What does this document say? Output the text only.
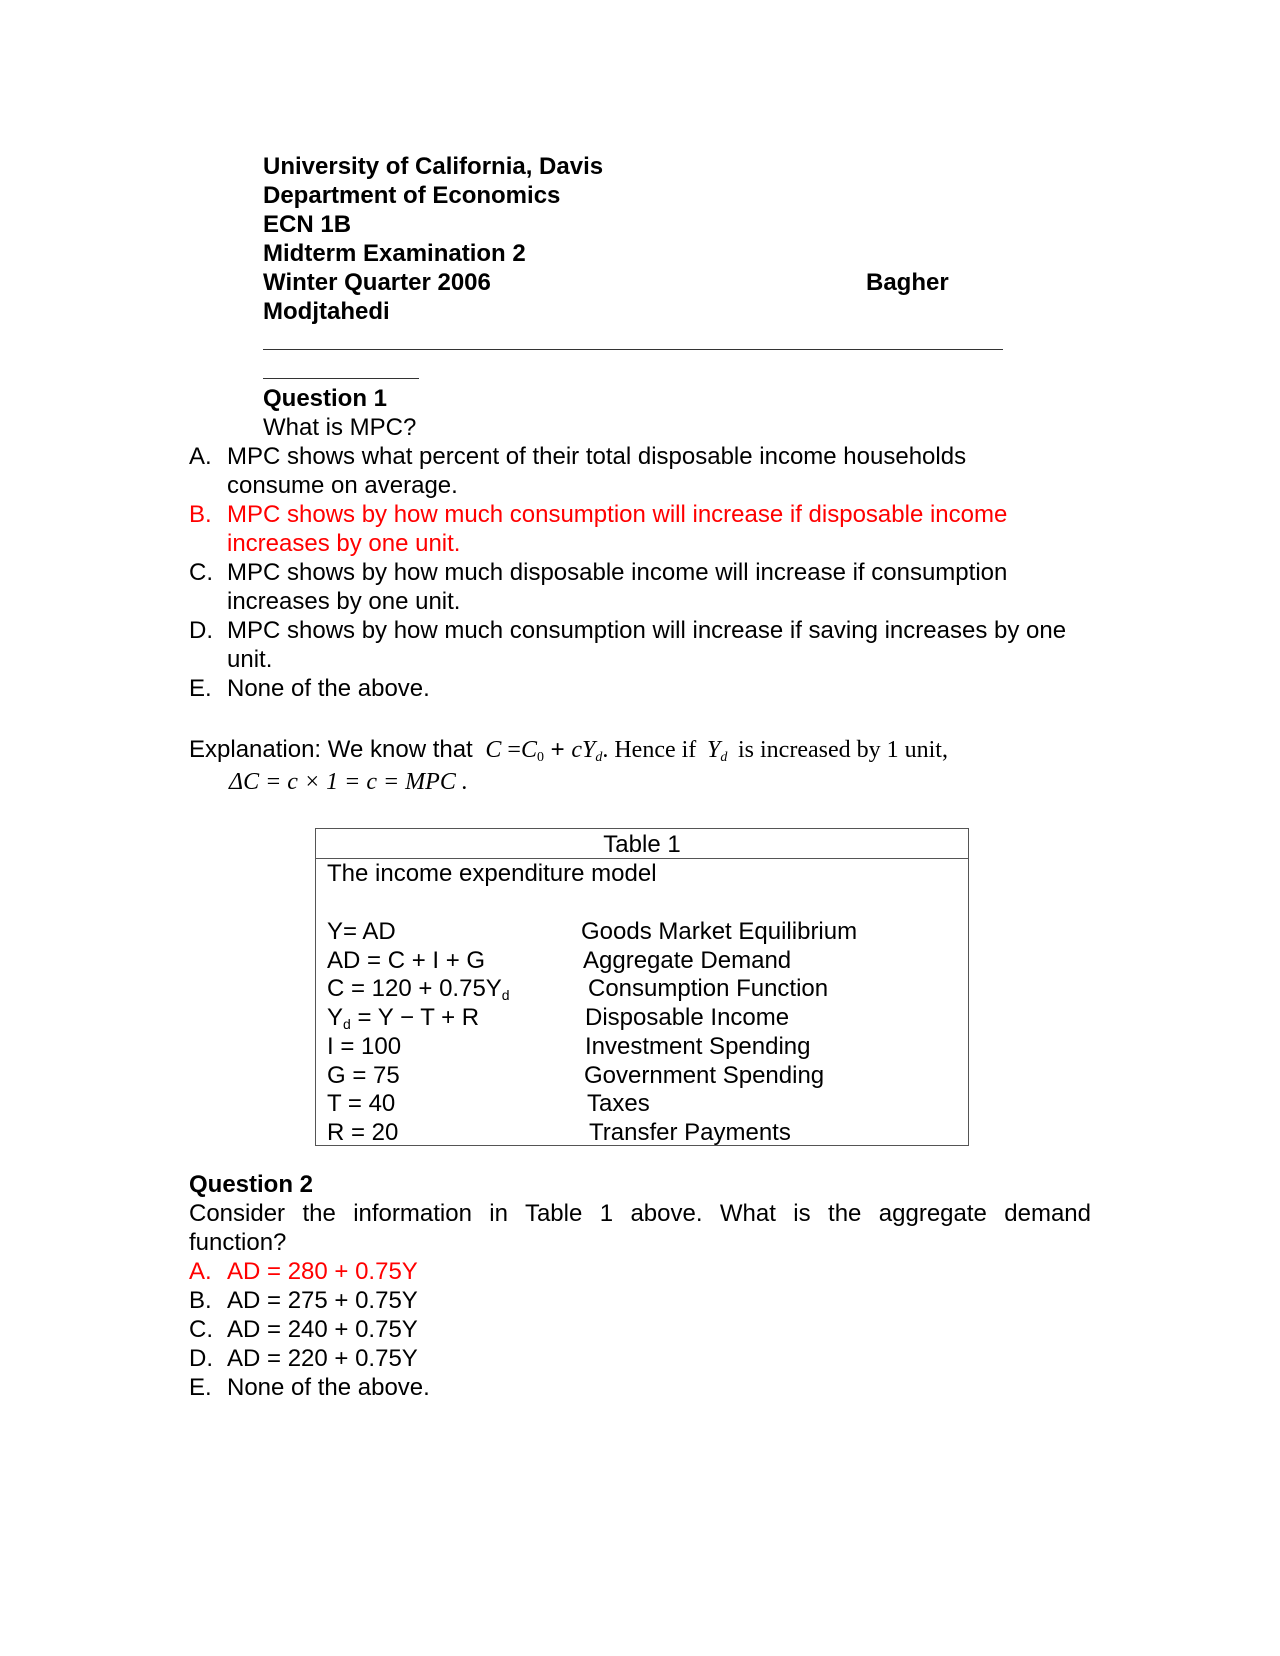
University of California, Davis
Department of Economics
ECN 1B
Midterm Examination 2
Winter Quarter 2006	Bagher
Modjtahedi
Question 1
What is MPC?
A. MPC shows what percent of their total disposable income households consume on average.
B. MPC shows by how much consumption will increase if disposable income increases by one unit.
C. MPC shows by how much disposable income will increase if consumption increases by one unit.
D. MPC shows by how much consumption will increase if saving increases by one unit.
E. None of the above.
Explanation: We know that $C =C_0 + cY_d$. Hence if $Y_d$ is increased by 1 unit,
ΔC = c × 1 = c = MPC .
Table 1
The income expenditure model
Y= AD	Goods Market Equilibrium
AD = C + I + G	Aggregate Demand
$C = 120 + 0.75Y_d$	Consumption Function
$Y_d = Y - T + R$	Disposable Income
I = 100	Investment Spending
G = 75	Government Spending
T = 40	Taxes
R = 20	Transfer Payments
Question 2
Consider the information in Table 1 above. What is the aggregate demand
function?
A. AD = 280 + 0.75Y
B. AD = 275 + 0.75Y
C. AD = 240 + 0.75Y
D. AD = 220 + 0.75Y
E. None of the above.
